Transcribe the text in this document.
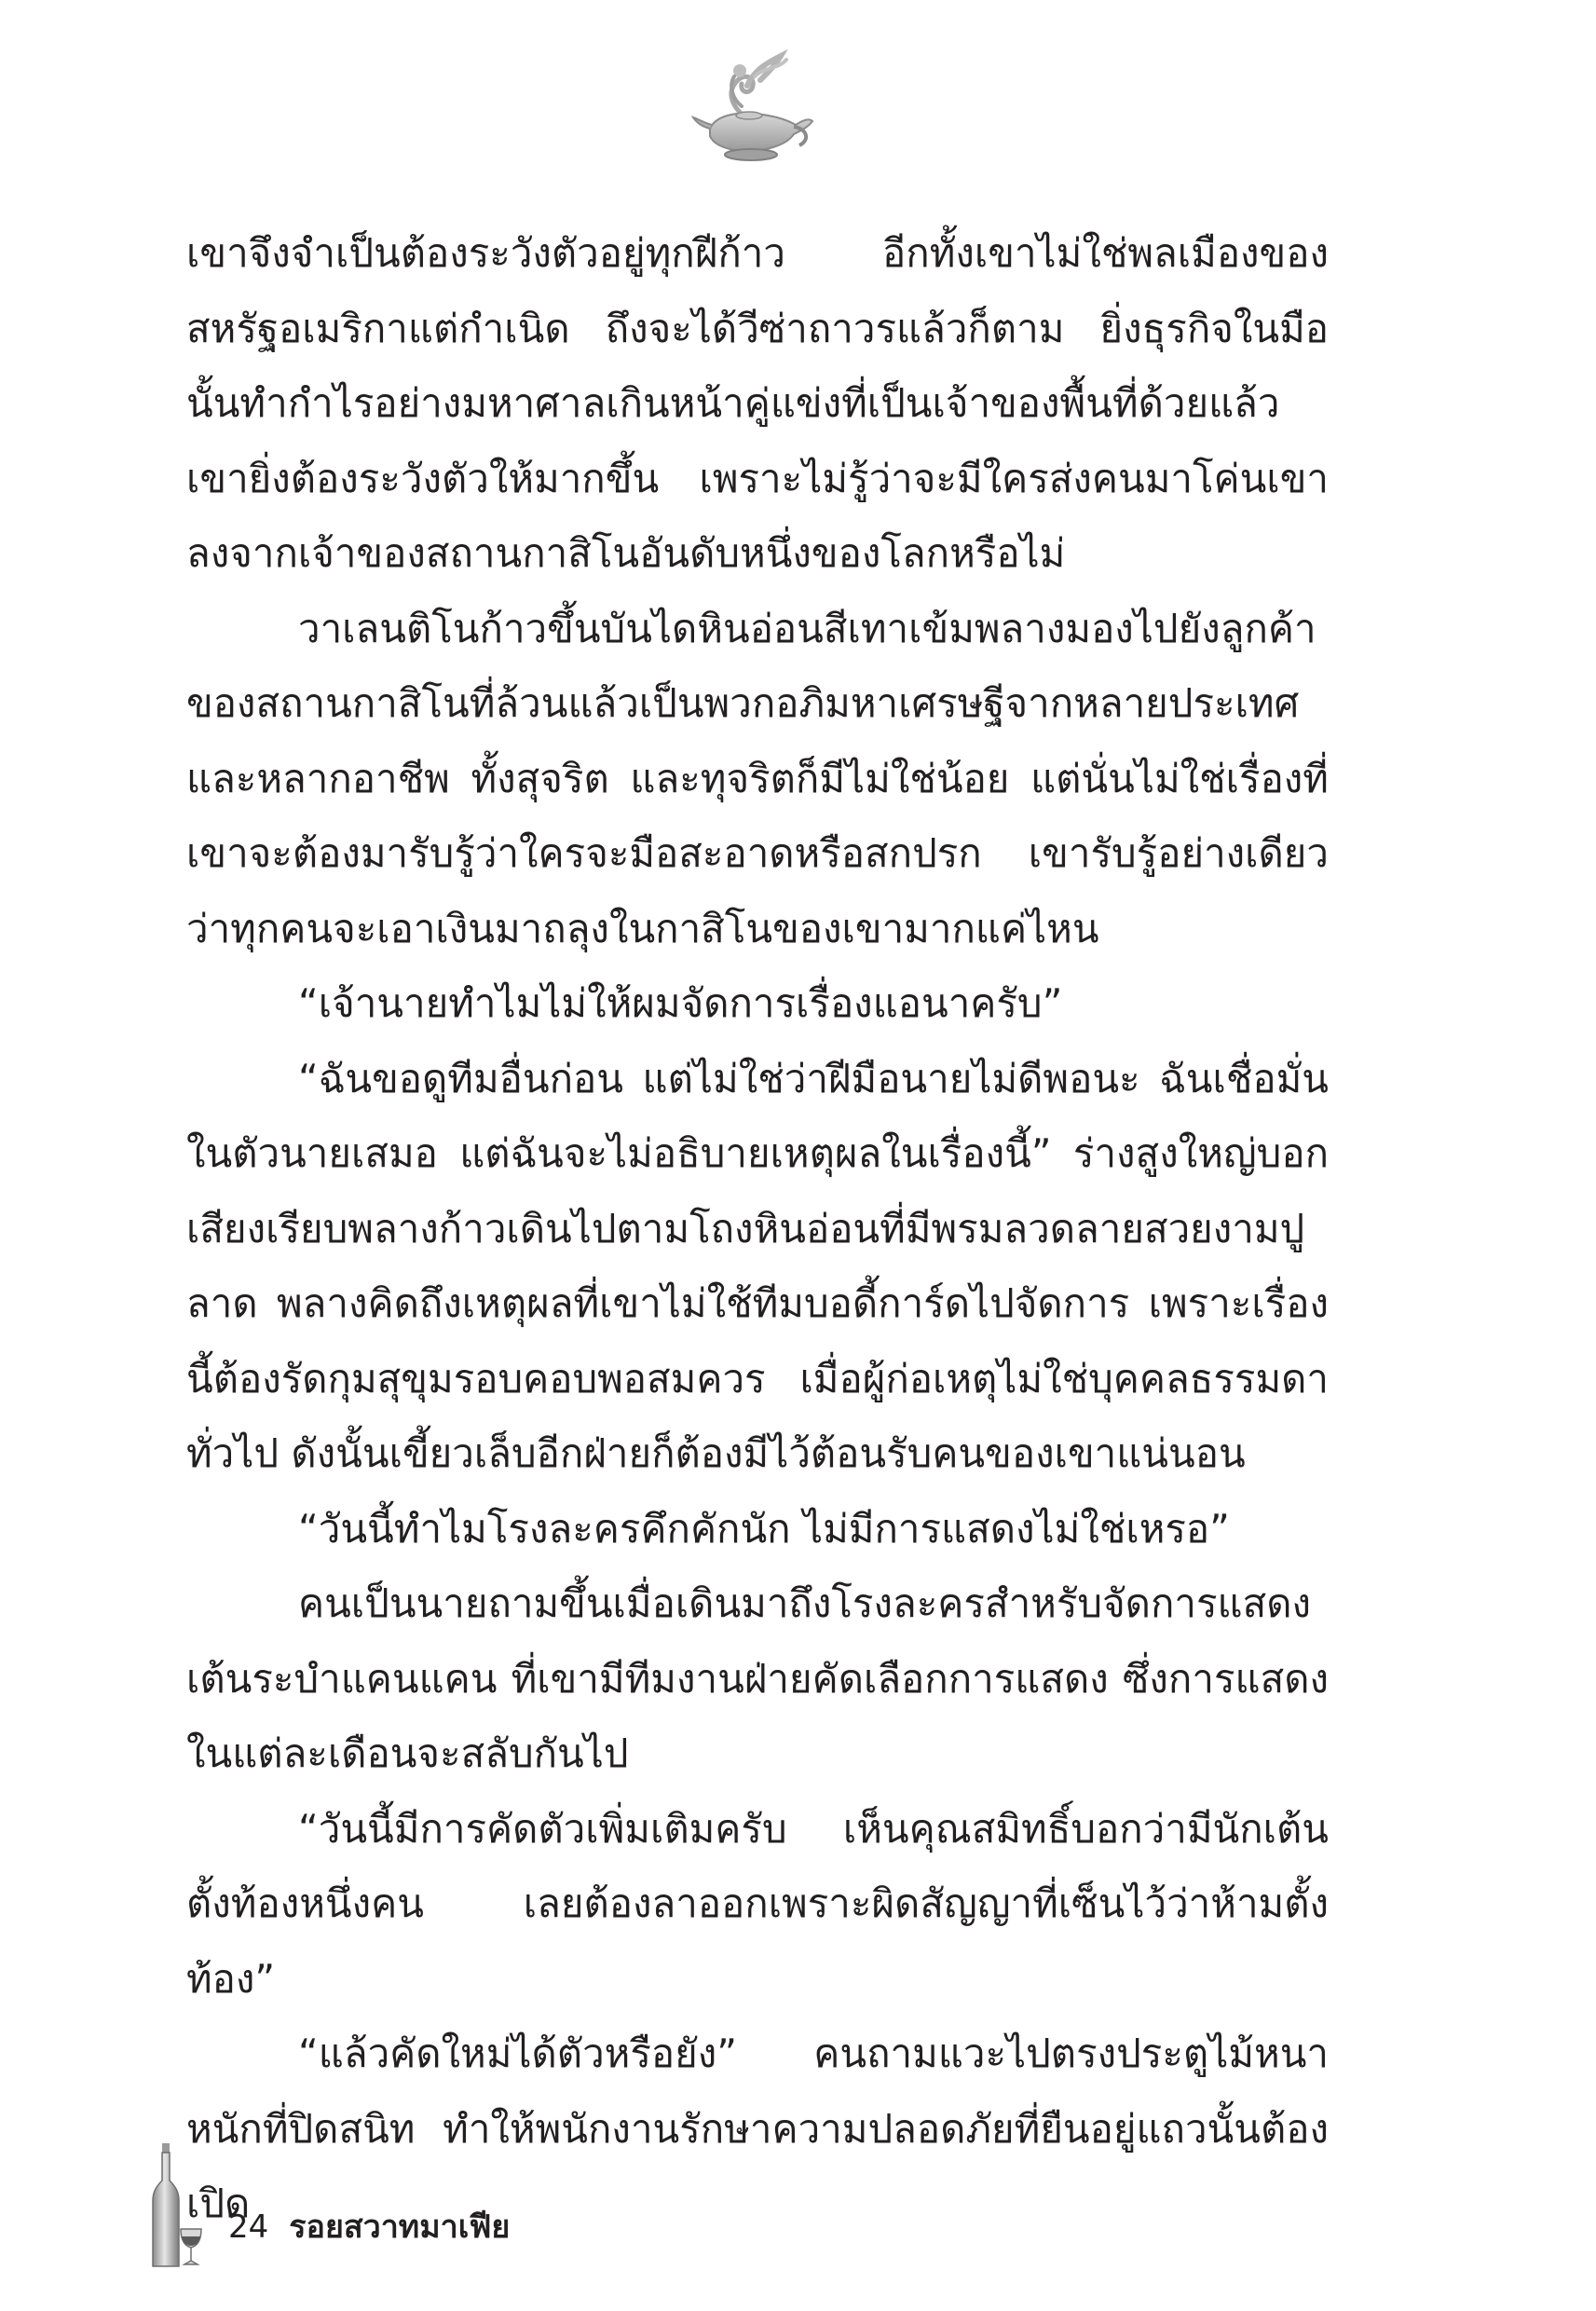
เขาจึงจำเป็นต้องระวังตัวอยู่ทุกฝีก้าว อีกทั้งเขาไม่ใช่พลเมืองของสหรัฐอเมริกาแต่กำเนิด ถึงจะได้วีซ่าถาวรแล้วก็ตาม ยิ่งธุรกิจในมือนั้นทำกำไรอย่างมหาศาลเกินหน้าคู่แข่งที่เป็นเจ้าของพื้นที่ด้วยแล้ว เขายิ่งต้องระวังตัวให้มากขึ้น เพราะไม่รู้ว่าจะมีใครส่งคนมาโค่นเขาลงจากเจ้าของสถานกาสิโนอันดับหนึ่งของโลกหรือไม่

วาเลนติโนก้าวขึ้นบันไดหินอ่อนสีเทาเข้มพลางมองไปยังลูกค้าของสถานกาสิโนที่ล้วนแล้วเป็นพวกอภิมหาเศรษฐีจากหลายประเทศ และหลากอาชีพ ทั้งสุจริต และทุจริตก็มีไม่ใช่น้อย แต่นั่นไม่ใช่เรื่องที่เขาจะต้องมารับรู้ว่าใครจะมือสะอาดหรือสกปรก เขารับรู้อย่างเดียวว่าทุกคนจะเอาเงินมาถลุงในกาสิโนของเขามากแค่ไหน

“เจ้านายทำไมไม่ให้ผมจัดการเรื่องแอนาครับ”

“ฉันขอดูทีมอื่นก่อน แต่ไม่ใช่ว่าฝีมือนายไม่ดีพอนะ ฉันเชื่อมั่นในตัวนายเสมอ แต่ฉันจะไม่อธิบายเหตุผลในเรื่องนี้” ร่างสูงใหญ่บอกเสียงเรียบพลางก้าวเดินไปตามโถงหินอ่อนที่มีพรมลวดลายสวยงามปูลาด พลางคิดถึงเหตุผลที่เขาไม่ใช้ทีมบอดี้การ์ดไปจัดการ เพราะเรื่องนี้ต้องรัดกุมสุขุมรอบคอบพอสมควร เมื่อผู้ก่อเหตุไม่ใช่บุคคลธรรมดาทั่วไป ดังนั้นเขี้ยวเล็บอีกฝ่ายก็ต้องมีไว้ต้อนรับคนของเขาแน่นอน

“วันนี้ทำไมโรงละครคึกคักนัก ไม่มีการแสดงไม่ใช่เหรอ”

คนเป็นนายถามขึ้นเมื่อเดินมาถึงโรงละครสำหรับจัดการแสดงเต้นระบำแคนแคน ที่เขามีทีมงานฝ่ายคัดเลือกการแสดง ซึ่งการแสดงในแต่ละเดือนจะสลับกันไป

“วันนี้มีการคัดตัวเพิ่มเติมครับ เห็นคุณสมิทธิ์บอกว่ามีนักเต้นตั้งท้องหนึ่งคน เลยต้องลาออกเพราะผิดสัญญาที่เซ็นไว้ว่าห้ามตั้งท้อง”

“แล้วคัดใหม่ได้ตัวหรือยัง” คนถามแวะไปตรงประตูไม้หนาหนักที่ปิดสนิท ทำให้พนักงานรักษาความปลอดภัยที่ยืนอยู่แถวนั้นต้องเปิด

24 รอยสวาทมาเฟีย
